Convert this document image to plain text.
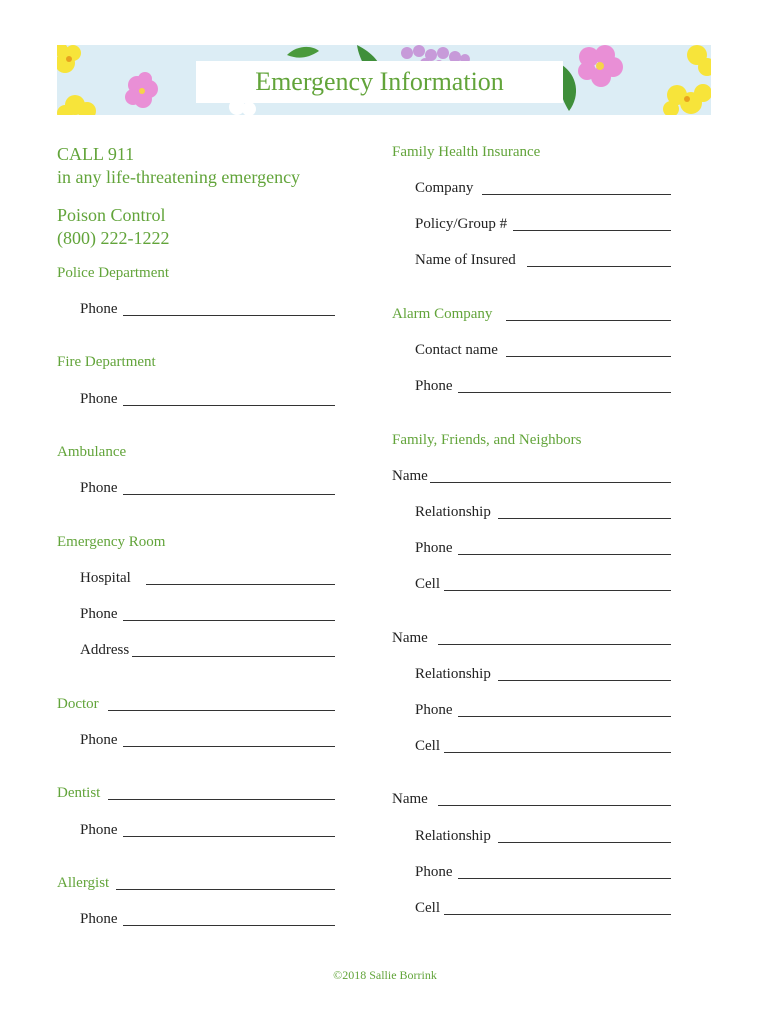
Emergency Information
CALL 911
in any life-threatening emergency
Poison Control
(800) 222-1222
Police Department
Phone
Fire Department
Phone
Ambulance
Phone
Emergency Room
Hospital
Phone
Address
Doctor
Phone
Dentist
Phone
Allergist
Phone
Family Health Insurance
Company
Policy/Group #
Name of Insured
Alarm Company
Contact name
Phone
Family, Friends, and Neighbors
Name
Relationship
Phone
Cell
Name
Relationship
Phone
Cell
Name
Relationship
Phone
Cell
©2018 Sallie Borrink
